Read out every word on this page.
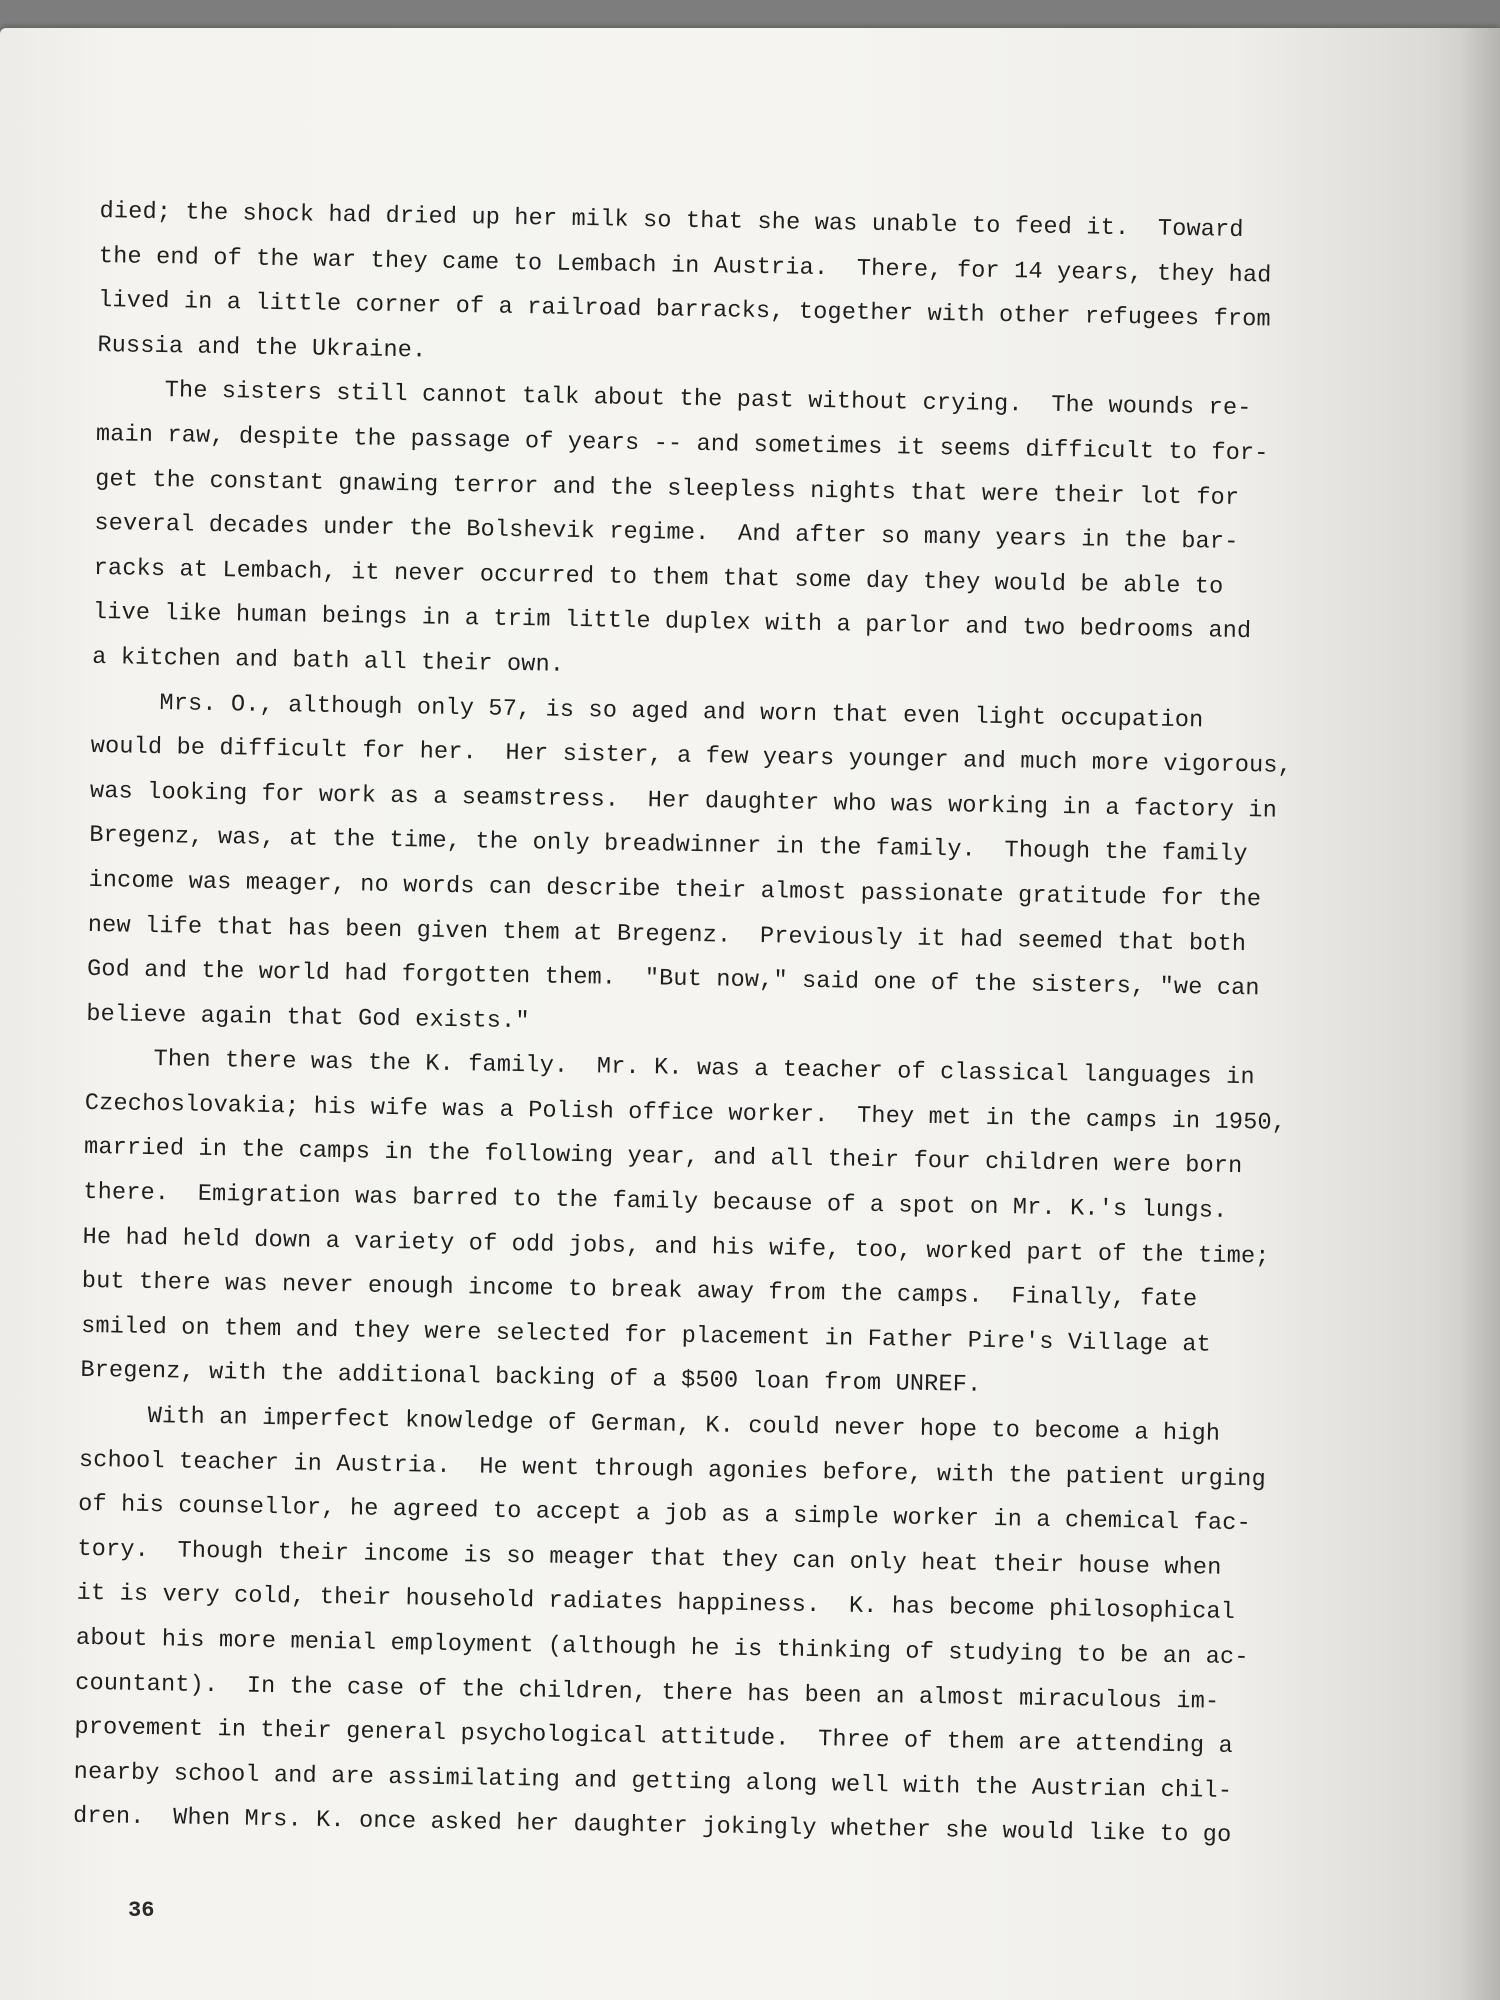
died; the shock had dried up her milk so that she was unable to feed it.  Toward
the end of the war they came to Lembach in Austria.  There, for 14 years, they had
lived in a little corner of a railroad barracks, together with other refugees from
Russia and the Ukraine.
The sisters still cannot talk about the past without crying.  The wounds re-
main raw, despite the passage of years -- and sometimes it seems difficult to for-
get the constant gnawing terror and the sleepless nights that were their lot for
several decades under the Bolshevik regime.  And after so many years in the bar-
racks at Lembach, it never occurred to them that some day they would be able to
live like human beings in a trim little duplex with a parlor and two bedrooms and
a kitchen and bath all their own.
Mrs. O., although only 57, is so aged and worn that even light occupation
would be difficult for her.  Her sister, a few years younger and much more vigorous,
was looking for work as a seamstress.  Her daughter who was working in a factory in
Bregenz, was, at the time, the only breadwinner in the family.  Though the family
income was meager, no words can describe their almost passionate gratitude for the
new life that has been given them at Bregenz.  Previously it had seemed that both
God and the world had forgotten them.  "But now," said one of the sisters, "we can
believe again that God exists."
Then there was the K. family.  Mr. K. was a teacher of classical languages in
Czechoslovakia; his wife was a Polish office worker.  They met in the camps in 1950,
married in the camps in the following year, and all their four children were born
there.  Emigration was barred to the family because of a spot on Mr. K.'s lungs.
He had held down a variety of odd jobs, and his wife, too, worked part of the time;
but there was never enough income to break away from the camps.  Finally, fate
smiled on them and they were selected for placement in Father Pire's Village at
Bregenz, with the additional backing of a $500 loan from UNREF.
With an imperfect knowledge of German, K. could never hope to become a high
school teacher in Austria.  He went through agonies before, with the patient urging
of his counsellor, he agreed to accept a job as a simple worker in a chemical fac-
tory.  Though their income is so meager that they can only heat their house when
it is very cold, their household radiates happiness.  K. has become philosophical
about his more menial employment (although he is thinking of studying to be an ac-
countant).  In the case of the children, there has been an almost miraculous im-
provement in their general psychological attitude.  Three of them are attending a
nearby school and are assimilating and getting along well with the Austrian chil-
dren.  When Mrs. K. once asked her daughter jokingly whether she would like to go
36
